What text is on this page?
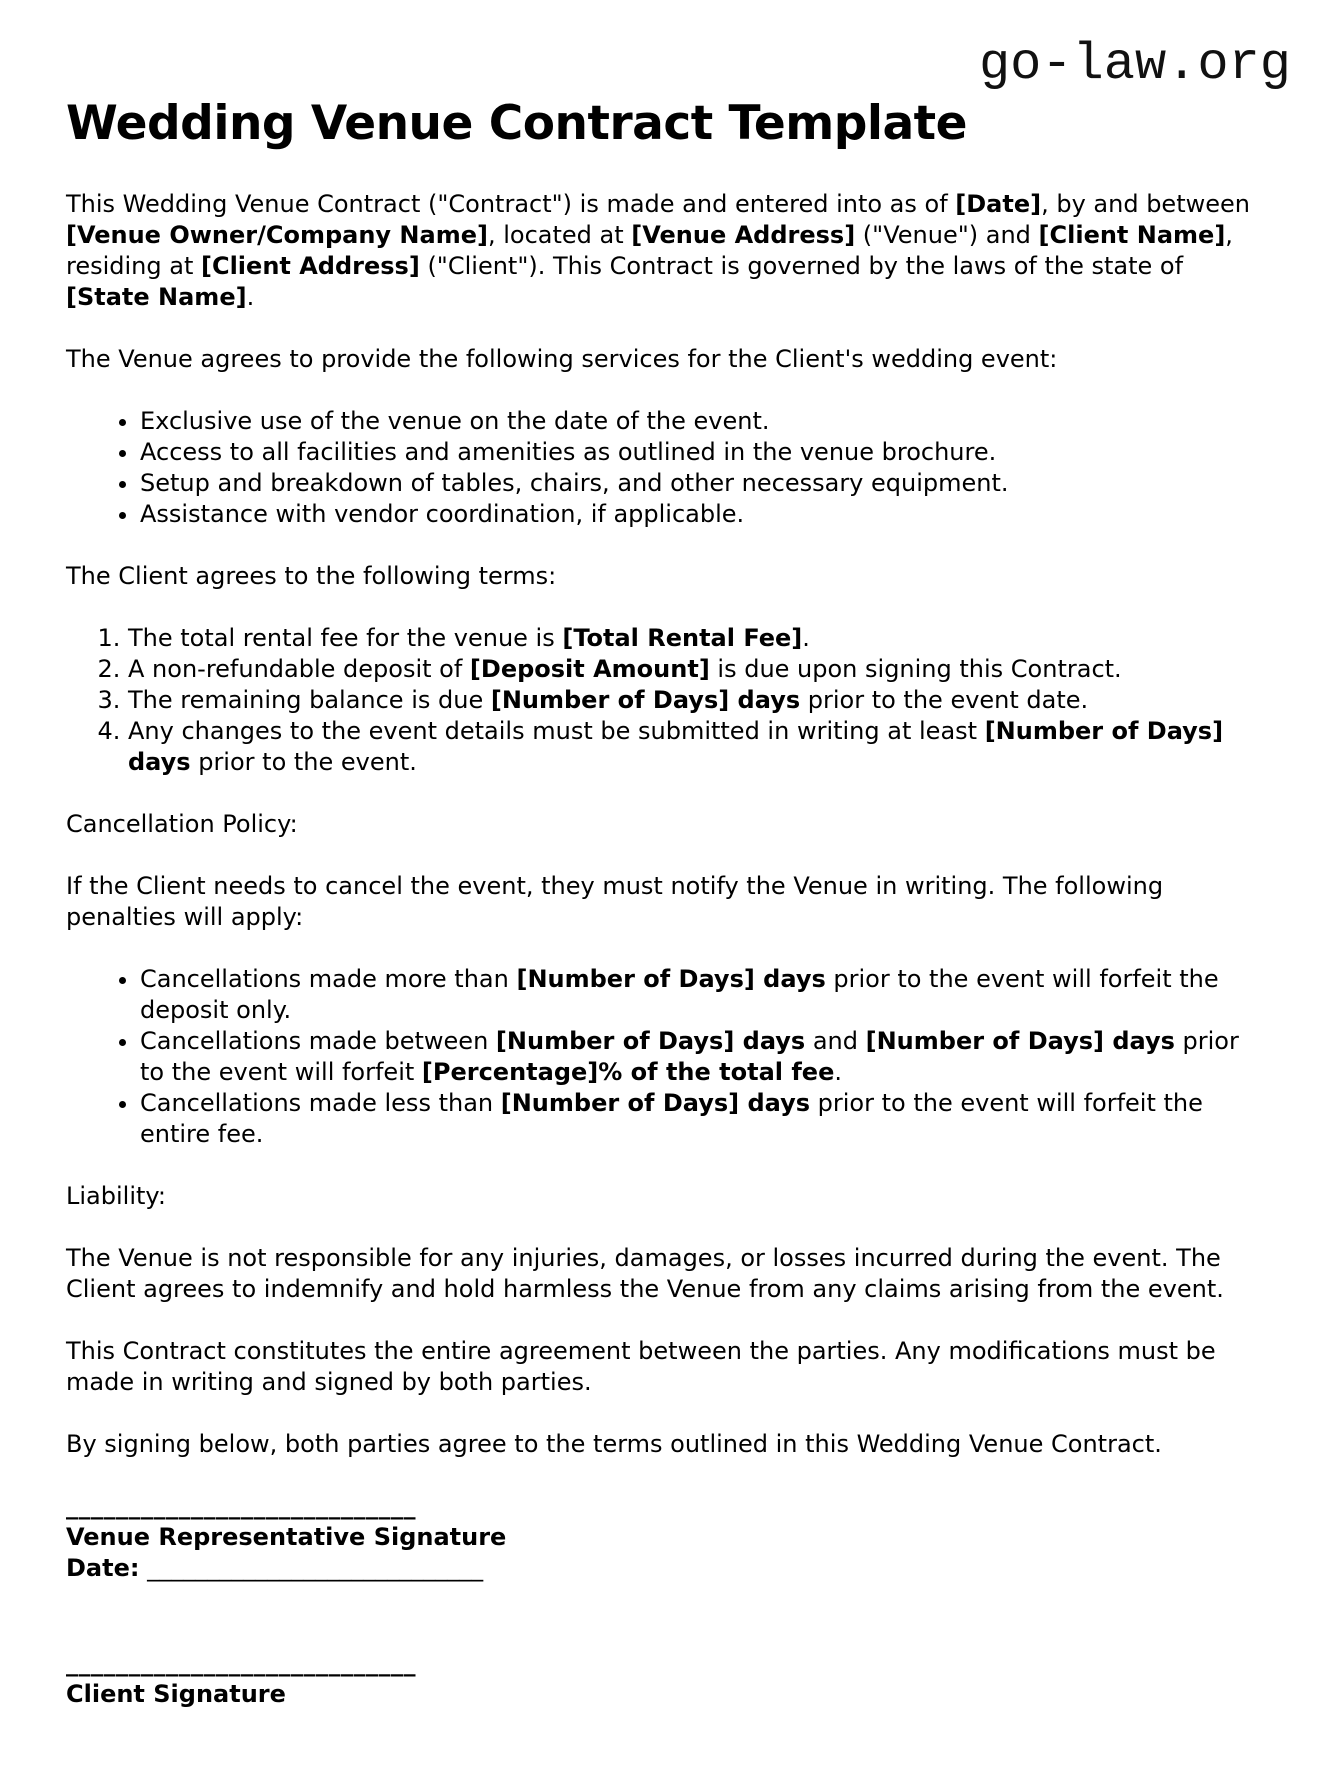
go-law.org
Wedding Venue Contract Template

This Wedding Venue Contract ("Contract") is made and entered into as of [Date], by and between [Venue Owner/Company Name], located at [Venue Address] ("Venue") and [Client Name], residing at [Client Address] ("Client"). This Contract is governed by the laws of the state of [State Name].

The Venue agrees to provide the following services for the Client's wedding event:

• Exclusive use of the venue on the date of the event.
• Access to all facilities and amenities as outlined in the venue brochure.
• Setup and breakdown of tables, chairs, and other necessary equipment.
• Assistance with vendor coordination, if applicable.

The Client agrees to the following terms:

1. The total rental fee for the venue is [Total Rental Fee].
2. A non-refundable deposit of [Deposit Amount] is due upon signing this Contract.
3. The remaining balance is due [Number of Days] days prior to the event date.
4. Any changes to the event details must be submitted in writing at least [Number of Days] days prior to the event.

Cancellation Policy:

If the Client needs to cancel the event, they must notify the Venue in writing. The following penalties will apply:

• Cancellations made more than [Number of Days] days prior to the event will forfeit the deposit only.
• Cancellations made between [Number of Days] days and [Number of Days] days prior to the event will forfeit [Percentage]% of the total fee.
• Cancellations made less than [Number of Days] days prior to the event will forfeit the entire fee.

Liability:

The Venue is not responsible for any injuries, damages, or losses incurred during the event. The Client agrees to indemnify and hold harmless the Venue from any claims arising from the event.

This Contract constitutes the entire agreement between the parties. Any modifications must be made in writing and signed by both parties.

By signing below, both parties agree to the terms outlined in this Wedding Venue Contract.

____________________________
Venue Representative Signature
Date: ____________________________

____________________________
Client Signature
